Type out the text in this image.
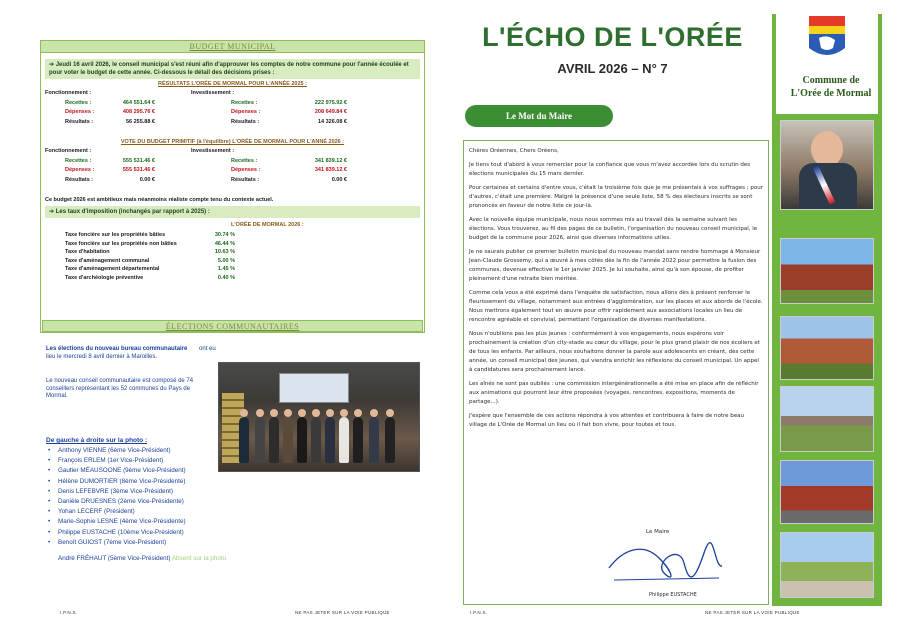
BUDGET MUNICIPAL
➔ Jeudi 16 avril 2026, le conseil municipal s'est réuni afin d'approuver les comptes de notre commune pour l'année écoulée et pour voter le budget de cette année. Ci-dessous le détail des décisions prises :
RÉSULTATS L'ORÉE DE MORMAL POUR L'ANNÉE 2025 :
Fonctionnement :
Recettes :	464 551.64 €
Dépenses :	408 295.76 €
Résultats :	56 255.88 €
Investissement :
Recettes :	222 975.92 €
Dépenses :	208 649.84 €
Résultats :	14 326.08 €
VOTE DU BUDGET PRIMITIF (à l'équilibre) L'ORÉE DE MORMAL POUR L'ANNÉ 2026 :
Fonctionnement :
Recettes :	555 531.46 €
Dépenses :	555 531.46 €
Résultats :	0.00 €
Investissement :
Recettes :	341 839.12 €
Dépenses :	341 839.12 €
Résultats :	0.00 €
Ce budget 2026 est ambitieux mais néanmoins réaliste compte tenu du contexte actuel.
➔ Les taux d'imposition (inchangés par rapport à 2025) :
L'ORÉE DE MORMAL 2026 :
Taxe foncière sur les propriétés bâties	30.74 %
Taxe foncière sur les propriétés non bâties	46.44 %
Taxe d'habitation	10.63 %
Taxe d'aménagement communal	5.00 %
Taxe d'aménagement départemental	1.45 %
Taxe d'archéologie préventive	0.40 %
ÉLECTIONS COMMUNAUTAIRES
Les élections du nouveau bureau communautaire ont eu lieu le mercredi 8 avril dernier à Maroilles.
Le nouveau conseil communautaire est composé de 74 conseillers représentant les 52 communes du Pays de Mormal.
De gauche à droite sur la photo :
• Anthony VIENNE (6ème Vice-Président)
• François ERLEM (1er Vice-Président)
• Gautier MÉAUSOONE (9ème Vice-Président)
• Hélène DUMORTIER (8ème Vice-Présidente)
• Denis LEFEBVRE (3ème Vice-Président)
• Danièle DRUESNES (2ème Vice-Présidente)
• Yohan LECERF (Président)
• Marie-Sophie LESNE (4ème Vice-Présidente)
• Philippe EUSTACHE (10ème Vice-Président)
• Benoît GUIOST (7ème Vice-Président)
André FRÉHAUT (5ème Vice-Président) Absent sur la photo
I.P.N.S.	NE PAS JETER SUR LA VOIE PUBLIQUE
L'ÉCHO DE L'ORÉE
AVRIL 2026 – N° 7
Le Mot du Maire

Chères Oréennes, Chers Oréens,

Je tiens tout d'abord à vous remercier pour la confiance que vous m'avez accordée lors du scrutin des élections municipales du 15 mars dernier.

Pour certaines et certains d'entre vous, c'était la troisième fois que je me présentais à vos suffrages ; pour d'autres, c'était une première. Malgré la présence d'une seule liste, 58 % des électeurs inscrits se sont prononcés en faveur de notre liste ce jour-là.

Avec la nouvelle équipe municipale, nous nous sommes mis au travail dès la semaine suivant les élections. Vous trouverez, au fil des pages de ce bulletin, l'organisation du nouveau conseil municipal, le budget de la commune pour 2026, ainsi que diverses informations utiles.

Je ne saurais publier ce premier bulletin municipal du nouveau mandat sans rendre hommage à Monsieur Jean-Claude Grossemy, qui a œuvré à mes côtés dès la fin de l'année 2022 pour permettre la fusion des communes, devenue effective le 1er janvier 2025. Je lui souhaite, ainsi qu'à son épouse, de profiter pleinement d'une retraite bien méritée.

Comme cela vous a été exprimé dans l'enquête de satisfaction, nous allons dès à présent renforcer le fleurissement du village, notamment aux entrées d'agglomération, sur les places et aux abords de l'école. Nous mettrons également tout en œuvre pour offrir rapidement aux associations locales un lieu de rencontre agréable et convivial, permettant l'organisation de diverses manifestations.

Nous n'oublions pas les plus jeunes : conformément à vos engagements, nous espérons voir prochainement la création d'un city-stade au cœur du village, pour le plus grand plaisir de nos écoliers et de tous les enfants. Par ailleurs, nous souhaitons donner la parole aux adolescents en créant, dès cette année, un conseil municipal des jeunes, qui viendra enrichir les réflexions du conseil municipal. Un appel à candidatures sera prochainement lancé.

Les aînés ne sont pas oubliés : une commission intergénérationnelle a été mise en place afin de réfléchir aux animations qui pourront leur être proposées (voyages, rencontres, expositions, moments de partage...).

J'espère que l'ensemble de ces actions répondra à vos attentes et contribuera à faire de notre beau village de L'Orée de Mormal un lieu où il fait bon vivre, pour toutes et tous.

Le Maire
Philippe EUSTACHE
Commune de
L'Orée de Mormal
I.P.N.S.	NE PAS JETER SUR LA VOIE PUBLIQUE
